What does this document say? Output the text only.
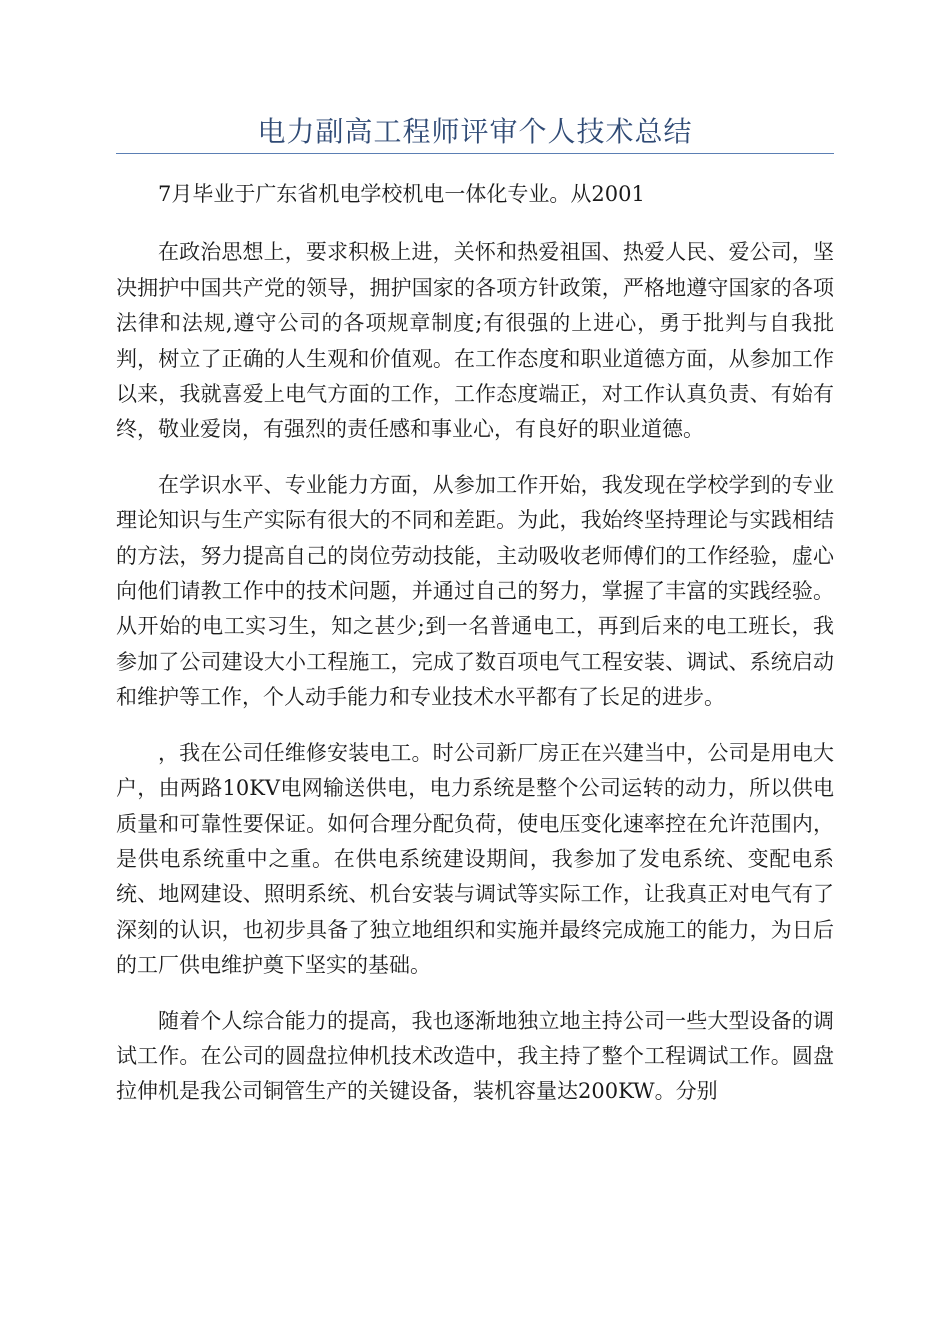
电力副高工程师评审个人技术总结

7月毕业于广东省机电学校机电一体化专业。从2001

在政治思想上，要求积极上进，关怀和热爱祖国、热爱人民、爱公司，坚决拥护中国共产党的领导，拥护国家的各项方针政策，严格地遵守国家的各项法律和法规,遵守公司的各项规章制度;有很强的上进心，勇于批判与自我批判，树立了正确的人生观和价值观。在工作态度和职业道德方面，从参加工作以来，我就喜爱上电气方面的工作，工作态度端正，对工作认真负责、有始有终，敬业爱岗，有强烈的责任感和事业心，有良好的职业道德。

在学识水平、专业能力方面，从参加工作开始，我发现在学校学到的专业理论知识与生产实际有很大的不同和差距。为此，我始终坚持理论与实践相结的方法，努力提高自己的岗位劳动技能，主动吸收老师傅们的工作经验，虚心向他们请教工作中的技术问题，并通过自己的努力，掌握了丰富的实践经验。从开始的电工实习生，知之甚少;到一名普通电工，再到后来的电工班长，我参加了公司建设大小工程施工，完成了数百项电气工程安装、调试、系统启动和维护等工作，个人动手能力和专业技术水平都有了长足的进步。

，我在公司任维修安装电工。时公司新厂房正在兴建当中，公司是用电大户，由两路10KV电网输送供电，电力系统是整个公司运转的动力，所以供电质量和可靠性要保证。如何合理分配负荷，使电压变化速率控在允许范围内，是供电系统重中之重。在供电系统建设期间，我参加了发电系统、变配电系统、地网建设、照明系统、机台安装与调试等实际工作，让我真正对电气有了深刻的认识，也初步具备了独立地组织和实施并最终完成施工的能力，为日后的工厂供电维护奠下坚实的基础。

随着个人综合能力的提高，我也逐渐地独立地主持公司一些大型设备的调试工作。在公司的圆盘拉伸机技术改造中，我主持了整个工程调试工作。圆盘拉伸机是我公司铜管生产的关键设备，装机容量达200KW。分别
